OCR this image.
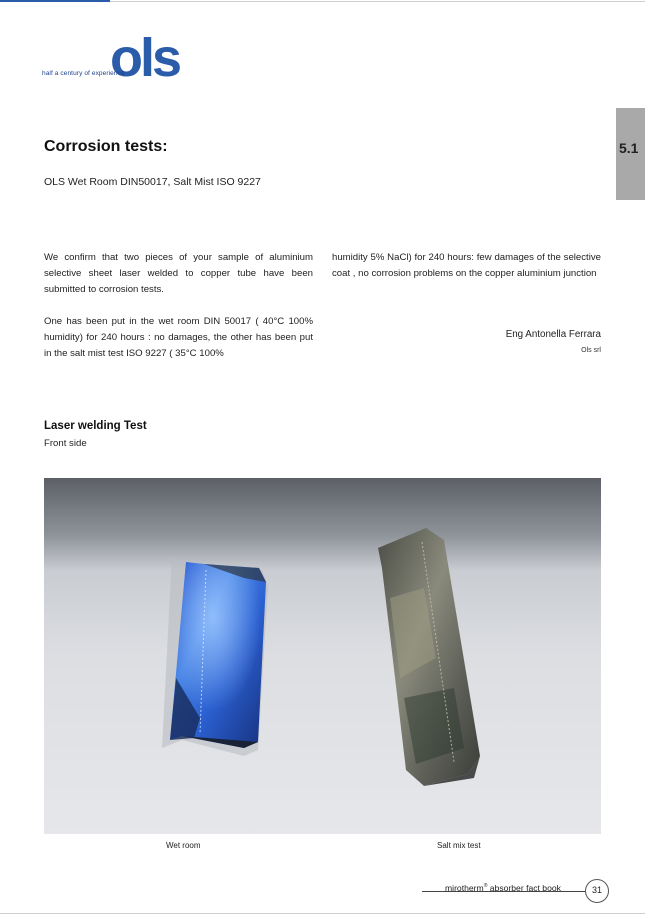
ols
half a century of experience
5.1
Corrosion tests:
OLS Wet Room DIN50017, Salt Mist ISO 9227

We confirm that two pieces of your sample of aluminium selective sheet laser welded to copper tube have been submitted to corrosion tests.

One has been put in the wet room DIN 50017 ( 40°C 100% humidity) for 240 hours : no damages, the other has been put in the salt mist test ISO 9227 ( 35°C 100%

humidity 5% NaCl) for 240 hours: few damages of the selective coat , no corrosion problems on the copper aluminium junction

Eng Antonella Ferrara
Ols srl
Laser welding Test
Front side
Wet room	Salt mix test
mirotherm® absorber fact book	31
